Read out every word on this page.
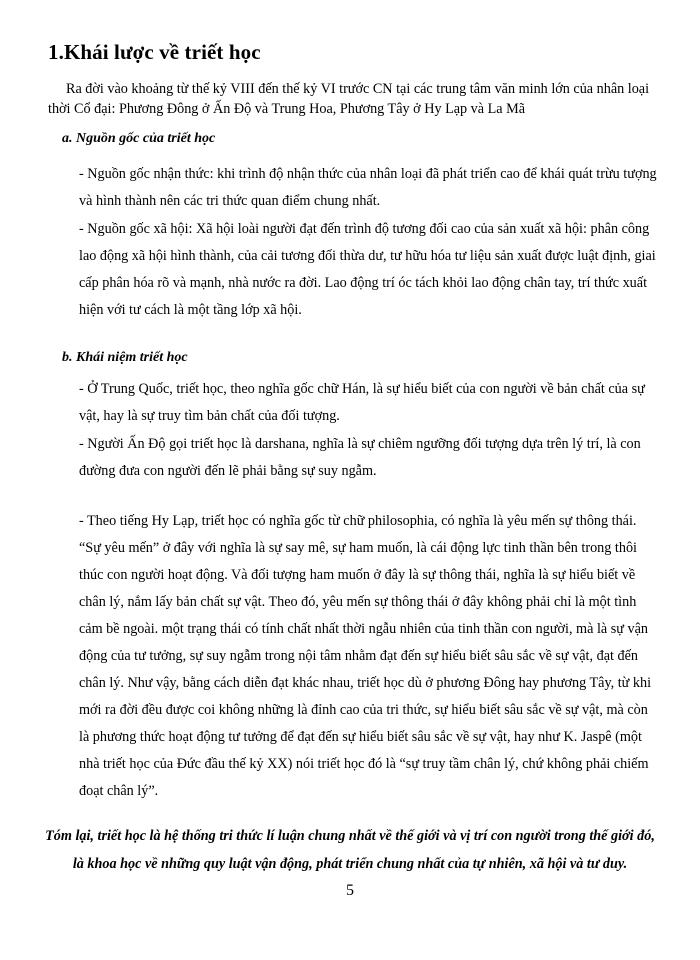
1.Khái lược về triết học
Ra đời vào khoảng từ thế kỷ VIII đến thế kỷ VI trước CN tại các trung tâm văn minh lớn của nhân loại thời Cổ đại: Phương Đông ở Ấn Độ và Trung Hoa, Phương Tây ở Hy Lạp và La Mã
a. Nguồn gốc của triết học

- Nguồn gốc nhận thức: khi trình độ nhận thức của nhân loại đã phát triển cao để khái quát trừu tượng và hình thành nên các tri thức quan điểm chung nhất.

- Nguồn gốc xã hội: Xã hội loài người đạt đến trình độ tương đối cao của sản xuất xã hội: phân công lao động xã hội hình thành, của cải tương đối thừa dư, tư hữu hóa tư liệu sản xuất được luật định, giai cấp phân hóa rõ và mạnh, nhà nước ra đời. Lao động trí óc tách khỏi lao động chân tay, trí thức xuất hiện với tư cách là một tầng lớp xã hội.

b. Khái niệm triết học

- Ở Trung Quốc, triết học, theo nghĩa gốc chữ Hán, là sự hiểu biết của con người về bản chất của sự vật, hay là sự truy tìm bản chất của đối tượng.

- Người Ấn Độ gọi triết học là darshana, nghĩa là sự chiêm ngưỡng đối tượng dựa trên lý trí, là con đường đưa con người đến lẽ phải bằng sự suy ngẫm.

- Theo tiếng Hy Lạp, triết học có nghĩa gốc từ chữ philosophia, có nghĩa là yêu mến sự thông thái. “Sự yêu mến” ở đây với nghĩa là sự say mê, sự ham muốn, là cái động lực tinh thần bên trong thôi thúc con người hoạt động. Và đối tượng ham muốn ở đây là sự thông thái, nghĩa là sự hiểu biết về chân lý, nắm lấy bản chất sự vật. Theo đó, yêu mến sự thông thái ở đây không phải chỉ là một tình cảm bề ngoài. một trạng thái có tính chất nhất thời ngẫu nhiên của tinh thần con người, mà là sự vận động của tư tưởng, sự suy ngẫm trong nội tâm nhằm đạt đến sự hiểu biết sâu sắc về sự vật, đạt đến chân lý. Như vậy, bằng cách diễn đạt khác nhau, triết học dù ở phương Đông hay phương Tây, từ khi mới ra đời đều được coi không những là đỉnh cao của tri thức, sự hiểu biết sâu sắc về sự vật, mà còn là phương thức hoạt động tư tưởng để đạt đến sự hiểu biết sâu sắc về sự vật, hay như K. Jaspê (một nhà triết học của Đức đầu thế kỷ XX) nói triết học đó là “sự truy tầm chân lý, chứ không phải chiếm đoạt chân lý”.

Tóm lại, triết học là hệ thống tri thức lí luận chung nhất về thế giới và vị trí con người trong thế giới đó, là khoa học về những quy luật vận động, phát triển chung nhất của tự nhiên, xã hội và tư duy.
5
